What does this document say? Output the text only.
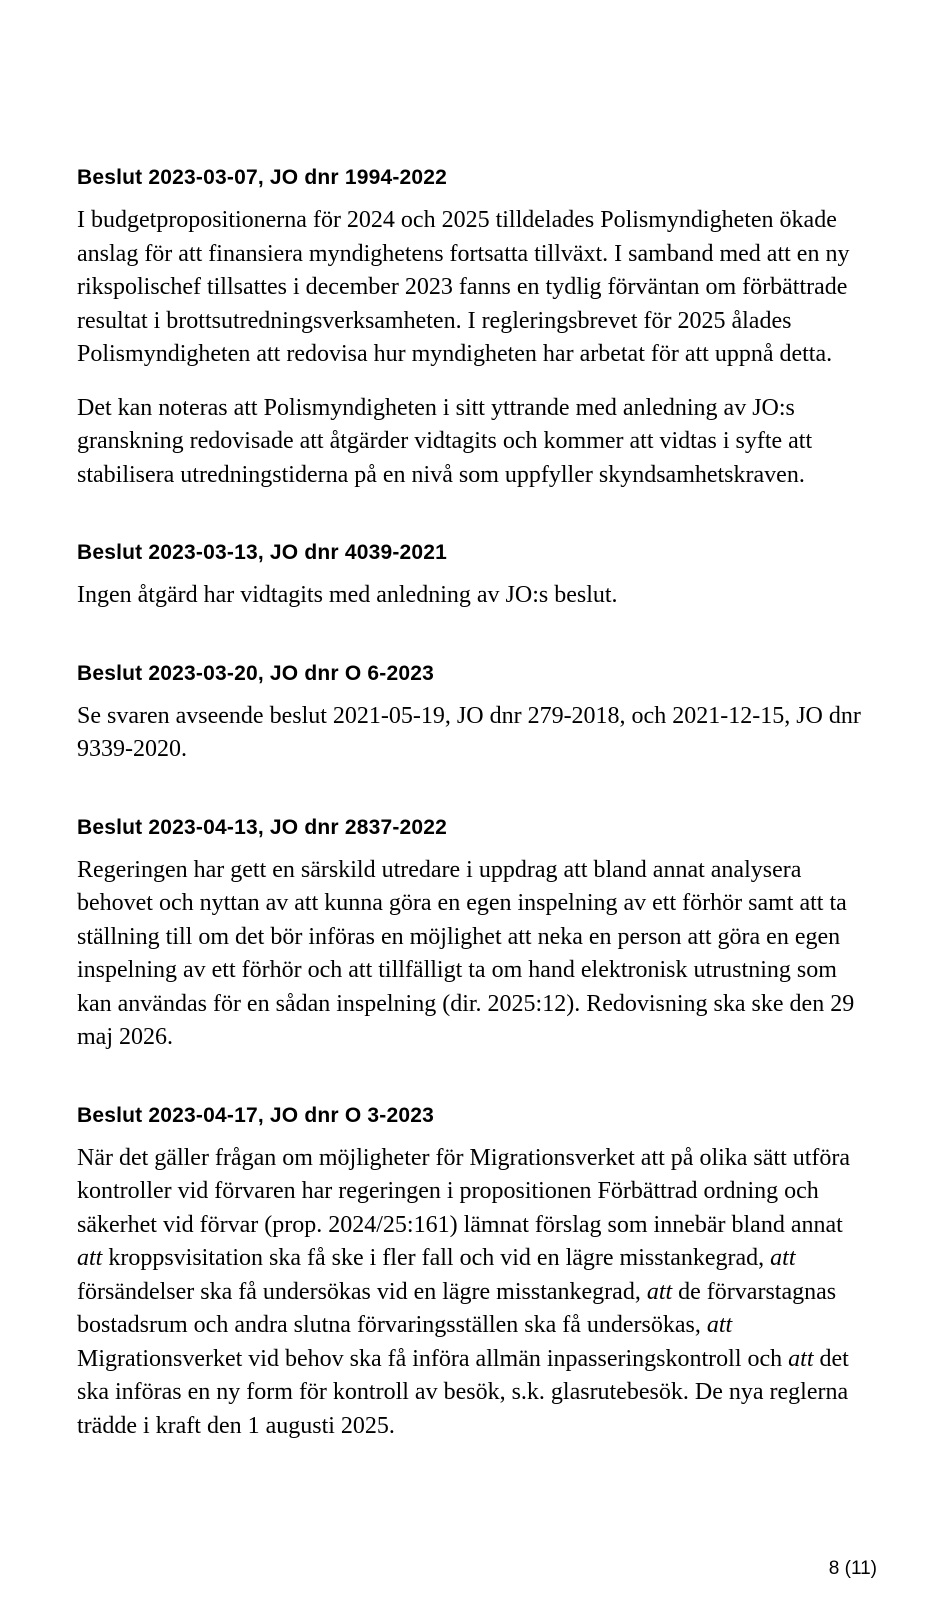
Beslut 2023-03-07, JO dnr 1994-2022

I budgetpropositionerna för 2024 och 2025 tilldelades Polismyndigheten ökade anslag för att finansiera myndighetens fortsatta tillväxt. I samband med att en ny rikspolischef tillsattes i december 2023 fanns en tydlig förväntan om förbättrade resultat i brottsutredningsverksamheten. I regleringsbrevet för 2025 ålades Polismyndigheten att redovisa hur myndigheten har arbetat för att uppnå detta.

Det kan noteras att Polismyndigheten i sitt yttrande med anledning av JO:s granskning redovisade att åtgärder vidtagits och kommer att vidtas i syfte att stabilisera utredningstiderna på en nivå som uppfyller skyndsamhetskraven.

Beslut 2023-03-13, JO dnr 4039-2021

Ingen åtgärd har vidtagits med anledning av JO:s beslut.

Beslut 2023-03-20, JO dnr O 6-2023

Se svaren avseende beslut 2021-05-19, JO dnr 279-2018, och 2021-12-15, JO dnr 9339-2020.

Beslut 2023-04-13, JO dnr 2837-2022

Regeringen har gett en särskild utredare i uppdrag att bland annat analysera behovet och nyttan av att kunna göra en egen inspelning av ett förhör samt att ta ställning till om det bör införas en möjlighet att neka en person att göra en egen inspelning av ett förhör och att tillfälligt ta om hand elektronisk utrustning som kan användas för en sådan inspelning (dir. 2025:12). Redovisning ska ske den 29 maj 2026.

Beslut 2023-04-17, JO dnr O 3-2023

När det gäller frågan om möjligheter för Migrationsverket att på olika sätt utföra kontroller vid förvaren har regeringen i propositionen Förbättrad ordning och säkerhet vid förvar (prop. 2024/25:161) lämnat förslag som innebär bland annat att kroppsvisitation ska få ske i fler fall och vid en lägre misstankegrad, att försändelser ska få undersökas vid en lägre misstankegrad, att de förvarstagnas bostadsrum och andra slutna förvaringsställen ska få undersökas, att Migrationsverket vid behov ska få införa allmän inpasseringskontroll och att det ska införas en ny form för kontroll av besök, s.k. glasrutebesök. De nya reglerna trädde i kraft den 1 augusti 2025.

8 (11)
